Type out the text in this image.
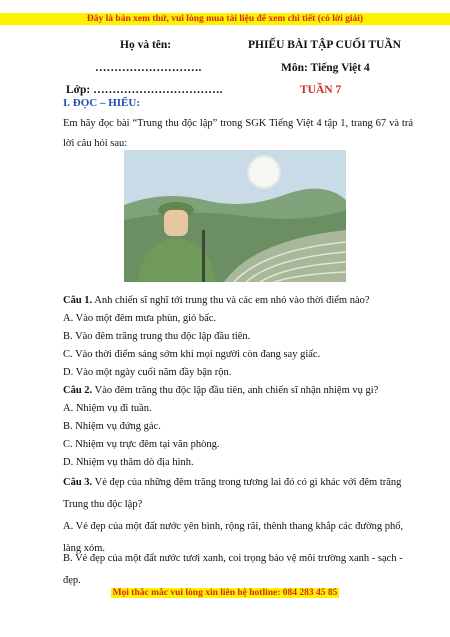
Đây là bản xem thử, vui lòng mua tài liệu để xem chi tiết (có lời giải)
Họ và tên:
……………………….
Lớp: …………………………….
PHIẾU BÀI TẬP CUỐI TUẦN
Môn: Tiếng Việt 4
TUẦN 7
I. ĐỌC – HIỂU:
Em hãy đọc bài “Trung thu độc lập” trong SGK Tiếng Việt 4 tập 1, trang 67 và trả lời câu hỏi sau:
Câu 1. Anh chiến sĩ nghĩ tới trung thu và các em nhỏ vào thời điểm nào?
A. Vào một đêm mưa phùn, gió bấc.
B. Vào đêm trăng trung thu độc lập đầu tiên.
C. Vào thời điểm sáng sớm khi mọi người còn đang say giấc.
D. Vào một ngày cuối năm đầy bận rộn.
Câu 2. Vào đêm trăng thu độc lập đầu tiên, anh chiến sĩ nhận nhiệm vụ gì?
A. Nhiệm vụ đi tuần.
B. Nhiệm vụ đứng gác.
C. Nhiệm vụ trực đêm tại văn phòng.
D. Nhiệm vụ thăm dò địa hình.
Câu 3. Vẻ đẹp của những đêm trăng trong tương lai đó có gì khác với đêm trăng Trung thu độc lập?
A. Vẻ đẹp của một đất nước yên bình, rộng rãi, thênh thang khắp các đường phố, làng xóm.
B. Vẻ đẹp của một đất nước tươi xanh, coi trọng bảo vệ môi trường xanh - sạch - đẹp.
Mọi thắc mắc vui lòng xin liên hệ hotline: 084 283 45 85
